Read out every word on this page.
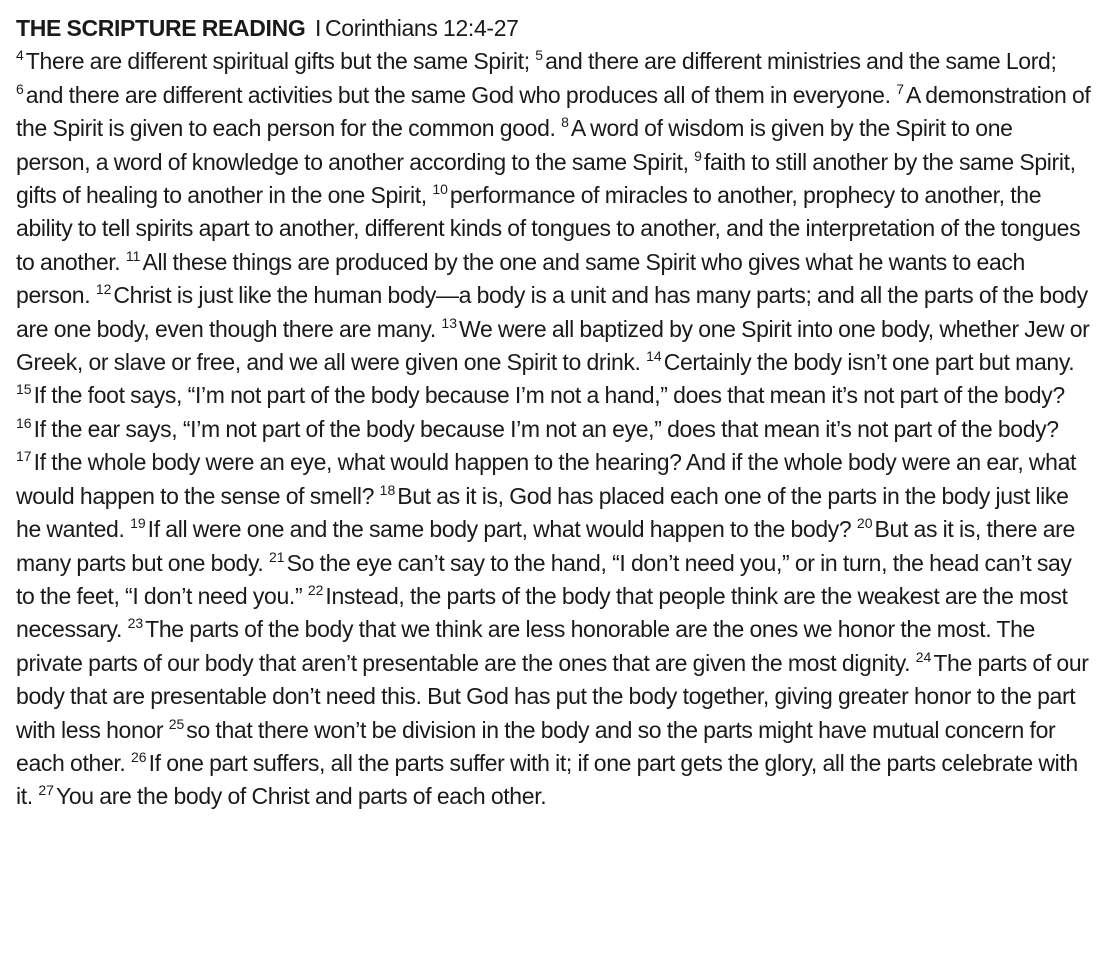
THE SCRIPTURE READING I Corinthians 12:4-27

$^4$There are different spiritual gifts but the same Spirit; $^5$and there are different ministries and the same Lord; $^6$and there are different activities but the same God who produces all of them in everyone. $^7$A demonstration of the Spirit is given to each person for the common good. $^8$A word of wisdom is given by the Spirit to one person, a word of knowledge to another according to the same Spirit, $^9$faith to still another by the same Spirit, gifts of healing to another in the one Spirit, $^{10}$performance of miracles to another, prophecy to another, the ability to tell spirits apart to another, different kinds of tongues to another, and the interpretation of the tongues to another. $^{11}$All these things are produced by the one and same Spirit who gives what he wants to each person. $^{12}$Christ is just like the human body—a body is a unit and has many parts; and all the parts of the body are one body, even though there are many. $^{13}$We were all baptized by one Spirit into one body, whether Jew or Greek, or slave or free, and we all were given one Spirit to drink. $^{14}$Certainly the body isn’t one part but many. $^{15}$If the foot says, “I’m not part of the body because I’m not a hand,” does that mean it’s not part of the body? $^{16}$If the ear says, “I’m not part of the body because I’m not an eye,” does that mean it’s not part of the body? $^{17}$If the whole body were an eye, what would happen to the hearing? And if the whole body were an ear, what would happen to the sense of smell? $^{18}$But as it is, God has placed each one of the parts in the body just like he wanted. $^{19}$If all were one and the same body part, what would happen to the body? $^{20}$But as it is, there are many parts but one body. $^{21}$So the eye can’t say to the hand, “I don’t need you,” or in turn, the head can’t say to the feet, “I don’t need you.” $^{22}$Instead, the parts of the body that people think are the weakest are the most necessary. $^{23}$The parts of the body that we think are less honorable are the ones we honor the most. The private parts of our body that aren’t presentable are the ones that are given the most dignity. $^{24}$The parts of our body that are presentable don’t need this. But God has put the body together, giving greater honor to the part with less honor $^{25}$so that there won’t be division in the body and so the parts might have mutual concern for each other. $^{26}$If one part suffers, all the parts suffer with it; if one part gets the glory, all the parts celebrate with it. $^{27}$You are the body of Christ and parts of each other.
